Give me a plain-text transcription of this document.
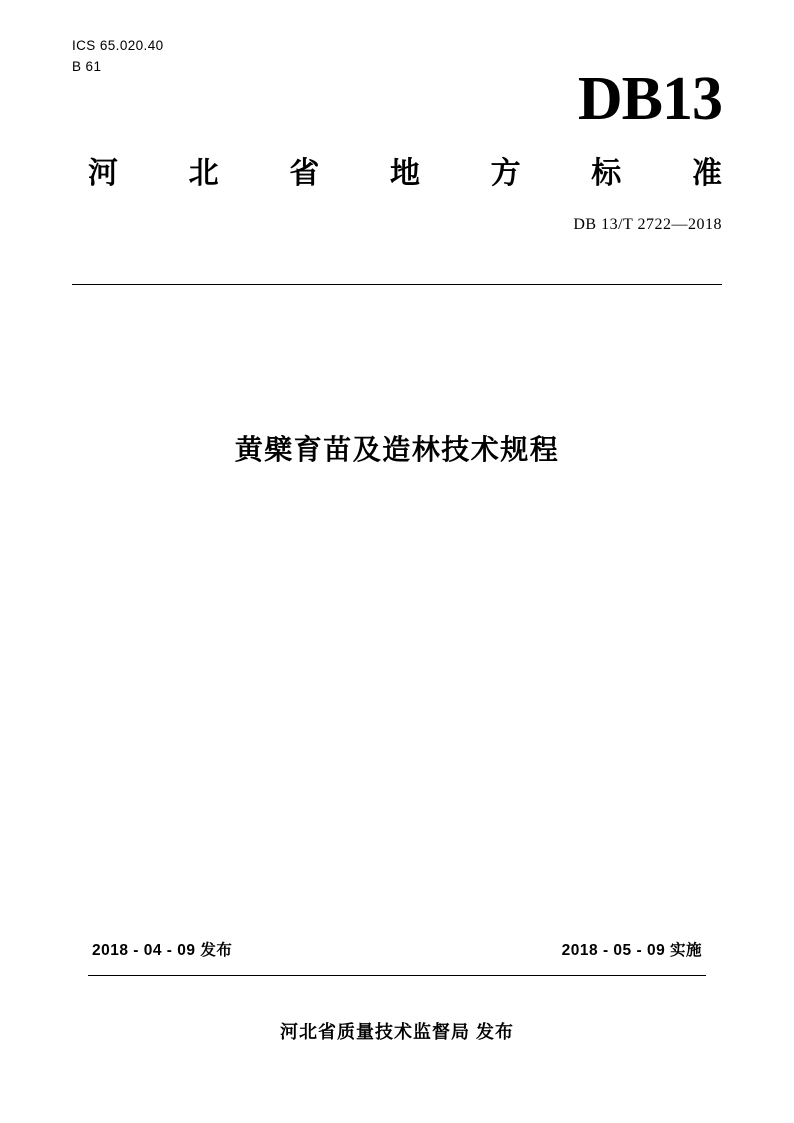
ICS 65.020.40
B 61	DB13
河 北 省 地 方 标 准
DB 13/T 2722—2018
黄檗育苗及造林技术规程
2018 - 04 - 09 发布	2018 - 05 - 09 实施
河北省质量技术监督局 发布
